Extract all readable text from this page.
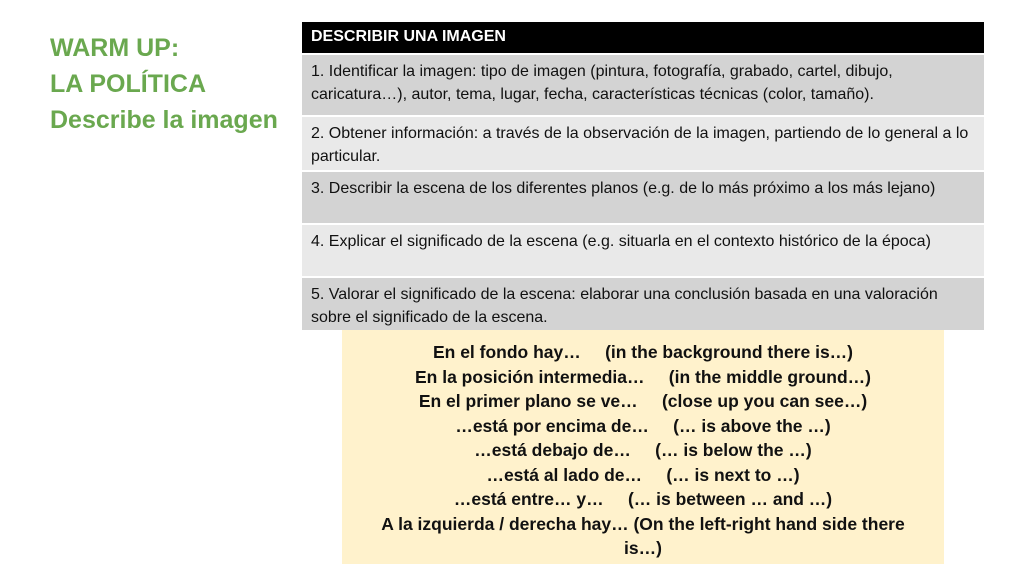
WARM UP:
LA POLÍTICA
Describe la imagen
DESCRIBIR UNA IMAGEN
1. Identificar la imagen: tipo de imagen (pintura, fotografía, grabado, cartel, dibujo, caricatura…), autor, tema, lugar, fecha, características técnicas (color, tamaño).
2. Obtener información: a través de la observación de la imagen, partiendo de lo general a lo particular.
3. Describir la escena de los diferentes planos (e.g. de lo más próximo a los más lejano)
4. Explicar el significado de la escena (e.g. situarla en el contexto histórico de la época)
5. Valorar el significado de la escena: elaborar una conclusión basada en una valoración sobre el significado de la escena.
En el fondo hay…     (in the background there is…)
En la posición intermedia…     (in the middle ground…)
En el primer plano se ve…     (close up you can see…)
…está por encima de…     (… is above the …)
…está debajo de…     (… is below the …)
…está al lado de…     (… is next to …)
…está entre… y…     (… is between … and …)
A la izquierda / derecha hay… (On the left-right hand side there is…)
